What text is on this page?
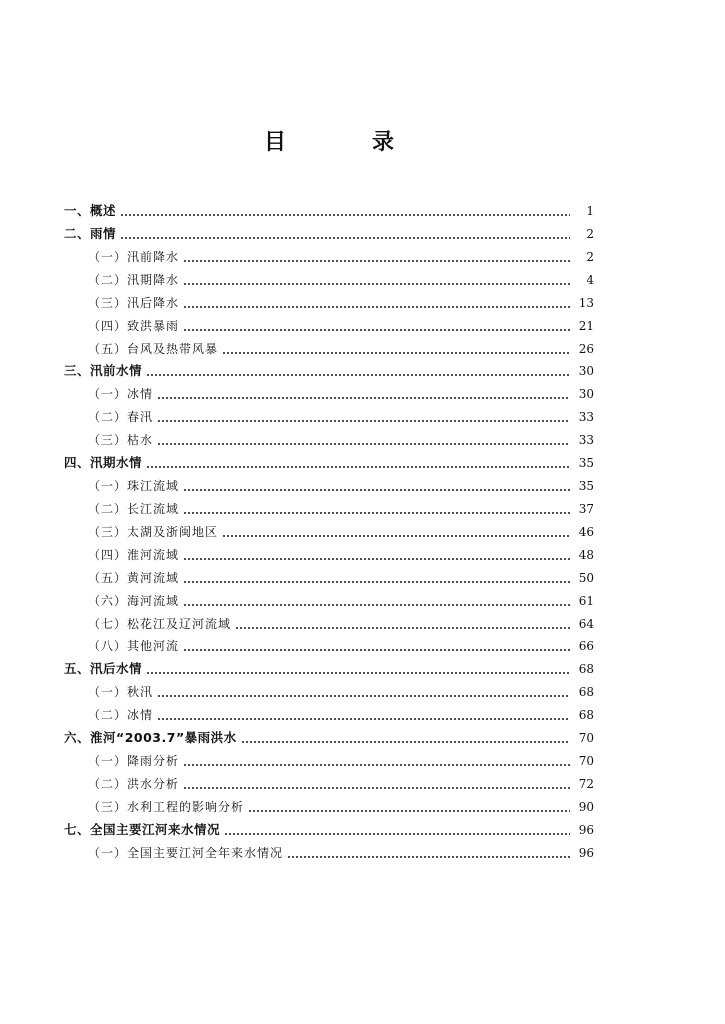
目	录
一、概述	1
二、雨情	2
（一）汛前降水	2
（二）汛期降水	4
（三）汛后降水	13
（四）致洪暴雨	21
（五）台风及热带风暴	26
三、汛前水情	30
（一）冰情	30
（二）春汛	33
（三）枯水	33
四、汛期水情	35
（一）珠江流域	35
（二）长江流域	37
（三）太湖及浙闽地区	46
（四）淮河流域	48
（五）黄河流域	50
（六）海河流域	61
（七）松花江及辽河流域	64
（八）其他河流	66
五、汛后水情	68
（一）秋汛	68
（二）冰情	68
六、淮河“2003.7”暴雨洪水	70
（一）降雨分析	70
（二）洪水分析	72
（三）水利工程的影响分析	90
七、全国主要江河来水情况	96
（一）全国主要江河全年来水情况	96
